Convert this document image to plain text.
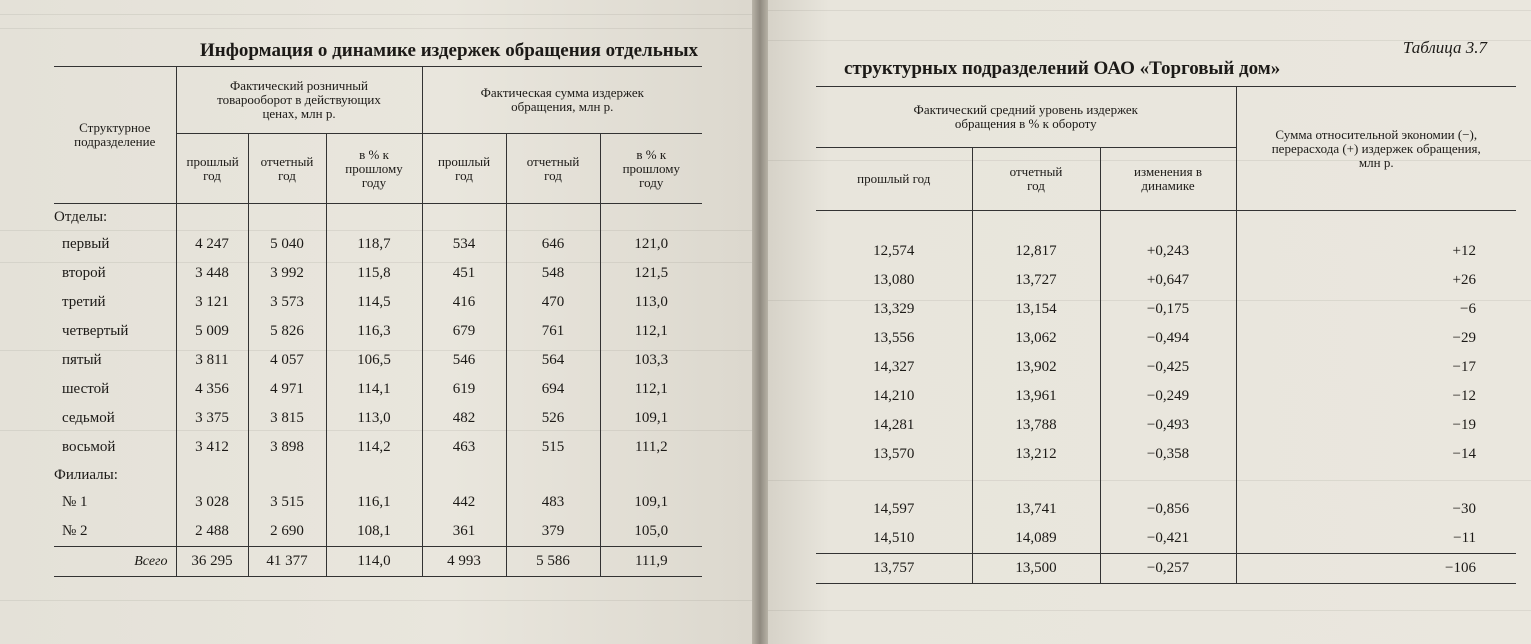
Информация о динамике издержек обращения отдельных
Структурное подразделение	Фактический розничный товарооборот в действующих ценах, млн р.			Фактическая сумма издержек обращения, млн р.		
	прошлый год	отчетный год	в % к прошлому году	прошлый год	отчетный год	в % к прошлому году
Отделы:						
первый	4 247	5 040	118,7	534	646	121,0
второй	3 448	3 992	115,8	451	548	121,5
третий	3 121	3 573	114,5	416	470	113,0
четвертый	5 009	5 826	116,3	679	761	112,1
пятый	3 811	4 057	106,5	546	564	103,3
шестой	4 356	4 971	114,1	619	694	112,1
седьмой	3 375	3 815	113,0	482	526	109,1
восьмой	3 412	3 898	114,2	463	515	111,2
Филиалы:						
№ 1	3 028	3 515	116,1	442	483	109,1
№ 2	2 488	2 690	108,1	361	379	105,0
Всего	36 295	41 377	114,0	4 993	5 586	111,9
Таблица 3.7
структурных подразделений ОАО «Торговый дом»
Фактический средний уровень издержек обращения в % к обороту			Сумма относительной экономии (−), перерасхода (+) издержек обращения, млн р.
прошлый год	отчетный год	изменения в динамике	

12,574	12,817	+0,243	+12
13,080	13,727	+0,647	+26
13,329	13,154	−0,175	−6
13,556	13,062	−0,494	−29
14,327	13,902	−0,425	−17
14,210	13,961	−0,249	−12
14,281	13,788	−0,493	−19
13,570	13,212	−0,358	−14

14,597	13,741	−0,856	−30
14,510	14,089	−0,421	−11
13,757	13,500	−0,257	−106
